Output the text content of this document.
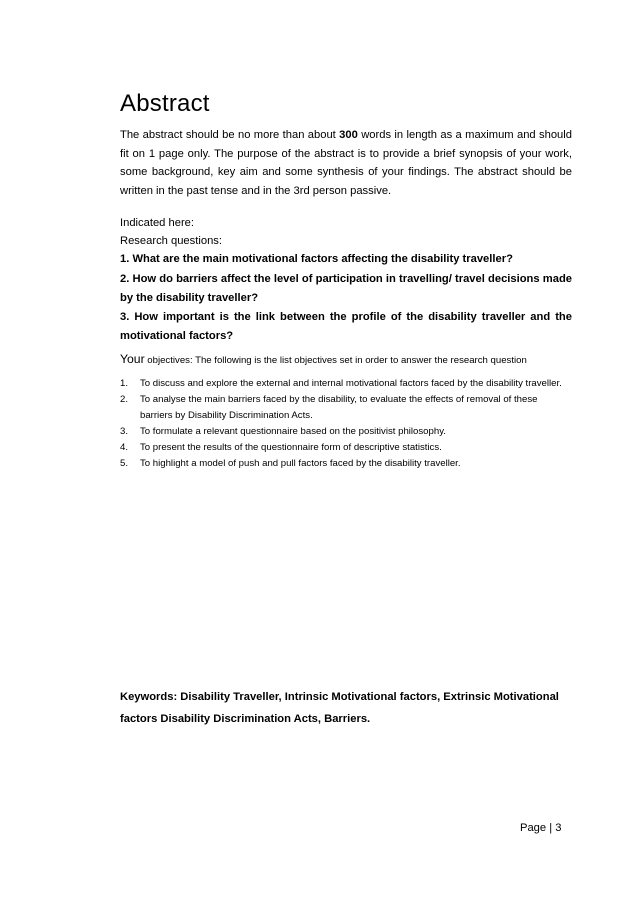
Abstract

The abstract should be no more than about 300 words in length as a maximum and should fit on 1 page only. The purpose of the abstract is to provide a brief synopsis of your work, some background, key aim and some synthesis of your findings. The abstract should be written in the past tense and in the 3rd person passive.

Indicated here:

Research questions:

1. What are the main motivational factors affecting the disability traveller?

2. How do barriers affect the level of participation in travelling/ travel decisions made by the disability traveller?

3. How important is the link between the profile of the disability traveller and the motivational factors?

Your objectives: The following is the list objectives set in order to answer the research question

1.	To discuss and explore the external and internal motivational factors faced by the disability traveller.
2.	To analyse the main barriers faced by the disability, to evaluate the effects of removal of these barriers by Disability Discrimination Acts.
3.	To formulate a relevant questionnaire based on the positivist philosophy.
4.	To present the results of the questionnaire form of descriptive statistics.
5.	To highlight a model of push and pull factors faced by the disability traveller.

Keywords: Disability Traveller, Intrinsic Motivational factors, Extrinsic Motivational factors Disability Discrimination Acts, Barriers.

Page | 3
